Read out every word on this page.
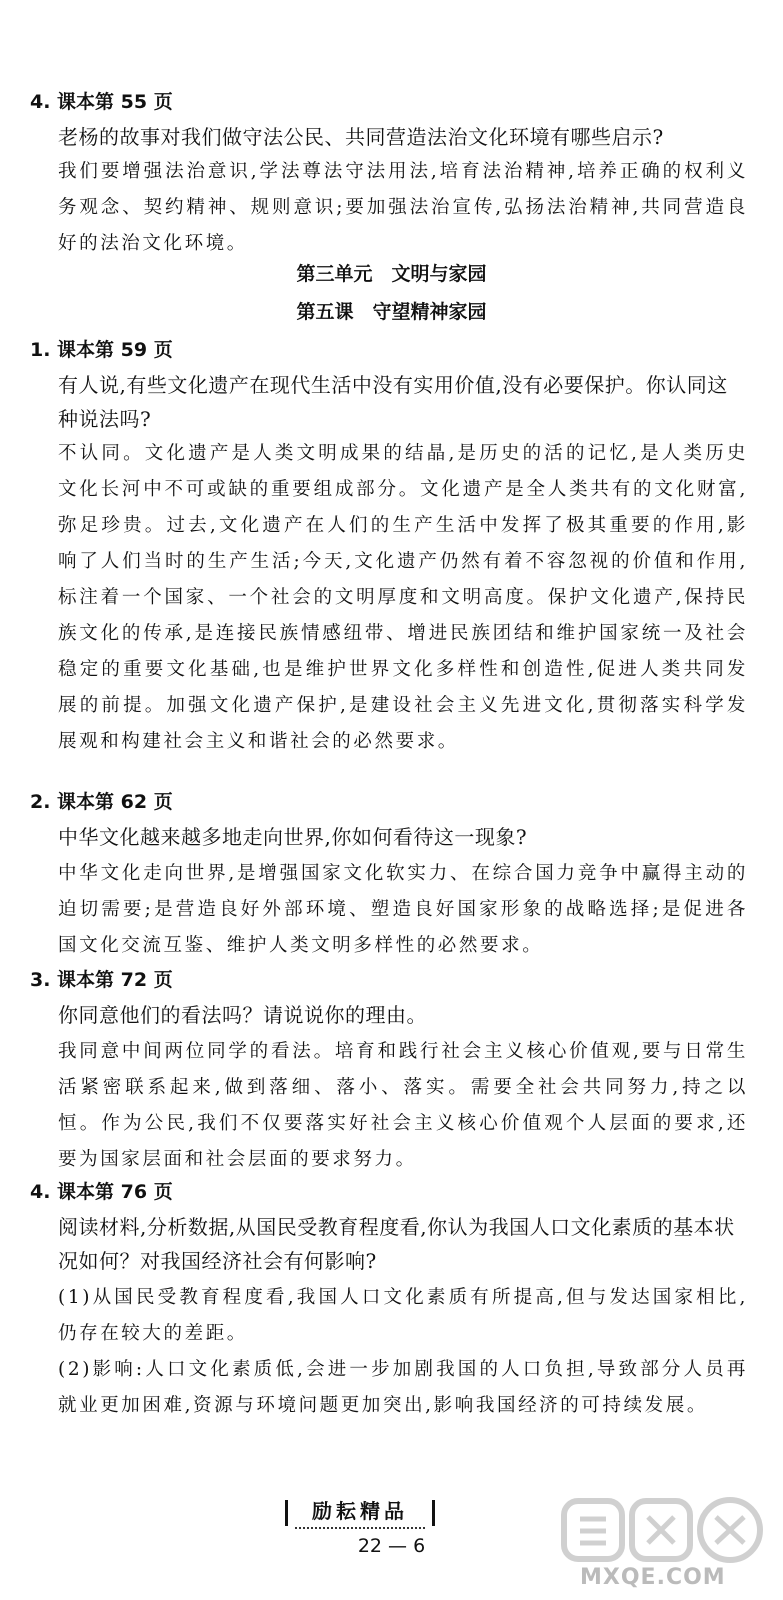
4. 课本第 55 页
老杨的故事对我们做守法公民、共同营造法治文化环境有哪些启示?
我们要增强法治意识,学法尊法守法用法,培育法治精神,培养正确的权利义务观念、契约精神、规则意识;要加强法治宣传,弘扬法治精神,共同营造良好的法治文化环境。
第三单元　文明与家园
第五课　守望精神家园
1. 课本第 59 页
有人说,有些文化遗产在现代生活中没有实用价值,没有必要保护。你认同这种说法吗?
不认同。文化遗产是人类文明成果的结晶,是历史的活的记忆,是人类历史文化长河中不可或缺的重要组成部分。文化遗产是全人类共有的文化财富,弥足珍贵。过去,文化遗产在人们的生产生活中发挥了极其重要的作用,影响了人们当时的生产生活;今天,文化遗产仍然有着不容忽视的价值和作用,标注着一个国家、一个社会的文明厚度和文明高度。保护文化遗产,保持民族文化的传承,是连接民族情感纽带、增进民族团结和维护国家统一及社会稳定的重要文化基础,也是维护世界文化多样性和创造性,促进人类共同发展的前提。加强文化遗产保护,是建设社会主义先进文化,贯彻落实科学发展观和构建社会主义和谐社会的必然要求。
2. 课本第 62 页
中华文化越来越多地走向世界,你如何看待这一现象?
中华文化走向世界,是增强国家文化软实力、在综合国力竞争中赢得主动的迫切需要;是营造良好外部环境、塑造良好国家形象的战略选择;是促进各国文化交流互鉴、维护人类文明多样性的必然要求。
3. 课本第 72 页
你同意他们的看法吗？请说说你的理由。
我同意中间两位同学的看法。培育和践行社会主义核心价值观,要与日常生活紧密联系起来,做到落细、落小、落实。需要全社会共同努力,持之以恒。作为公民,我们不仅要落实好社会主义核心价值观个人层面的要求,还要为国家层面和社会层面的要求努力。
4. 课本第 76 页
阅读材料,分析数据,从国民受教育程度看,你认为我国人口文化素质的基本状况如何？对我国经济社会有何影响?
(1)从国民受教育程度看,我国人口文化素质有所提高,但与发达国家相比,仍存在较大的差距。
(2)影响:人口文化素质低,会进一步加剧我国的人口负担,导致部分人员再就业更加困难,资源与环境问题更加突出,影响我国经济的可持续发展。
励耘精品
22 — 6
MXQE.COM
